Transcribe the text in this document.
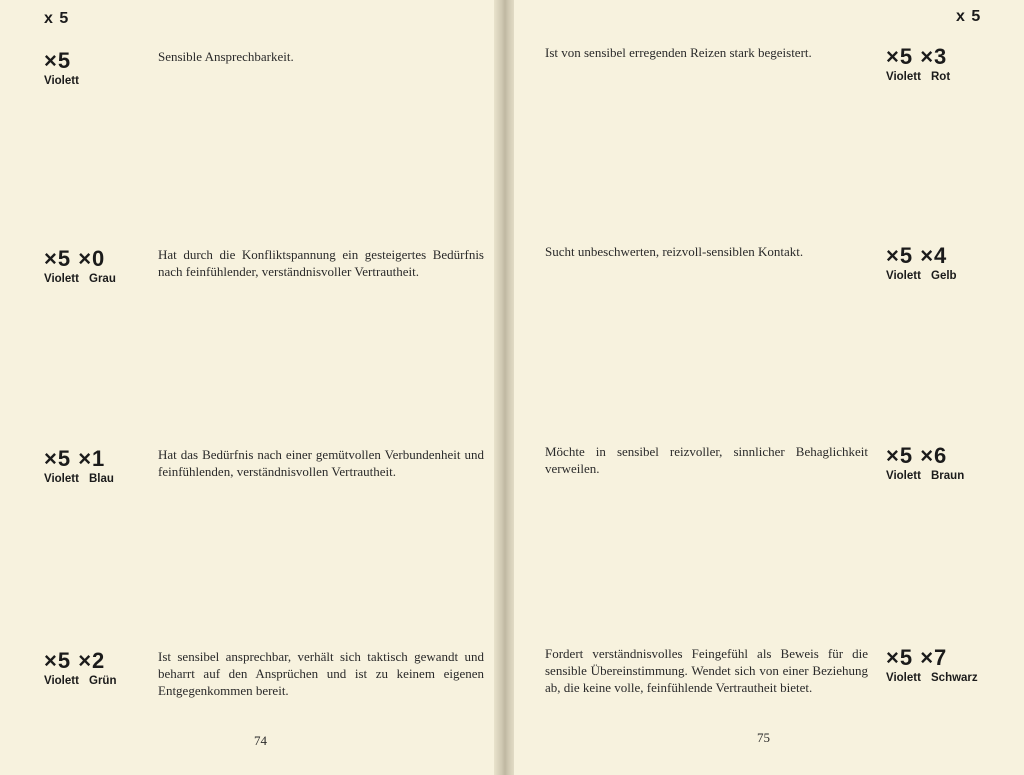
x 5
×5
Violett
Sensible Ansprechbarkeit.
×5 ×0
Violett Grau
Hat durch die Konfliktspannung ein gesteigertes Bedürfnis nach feinfühlender, verständnisvoller Vertrautheit.
×5 ×1
Violett Blau
Hat das Bedürfnis nach einer gemütvollen Verbundenheit und feinfühlenden, verständnisvollen Vertrautheit.
×5 ×2
Violett Grün
Ist sensibel ansprechbar, verhält sich taktisch gewandt und beharrt auf den Ansprüchen und ist zu keinem eigenen Entgegenkommen bereit.
74
x 5
Ist von sensibel erregenden Reizen stark begeistert.	×5 ×3
Violett Rot
Sucht unbeschwerten, reizvoll-sensiblen Kontakt.	×5 ×4
Violett Gelb
Möchte in sensibel reizvoller, sinnlicher Behaglichkeit verweilen.
×5 ×6
Violett Braun
Fordert verständnisvolles Feingefühl als Beweis für die sensible Übereinstimmung. Wendet sich von einer Beziehung ab, die keine volle, feinfühlende Vertrautheit bietet.
×5 ×7
Violett Schwarz
75
